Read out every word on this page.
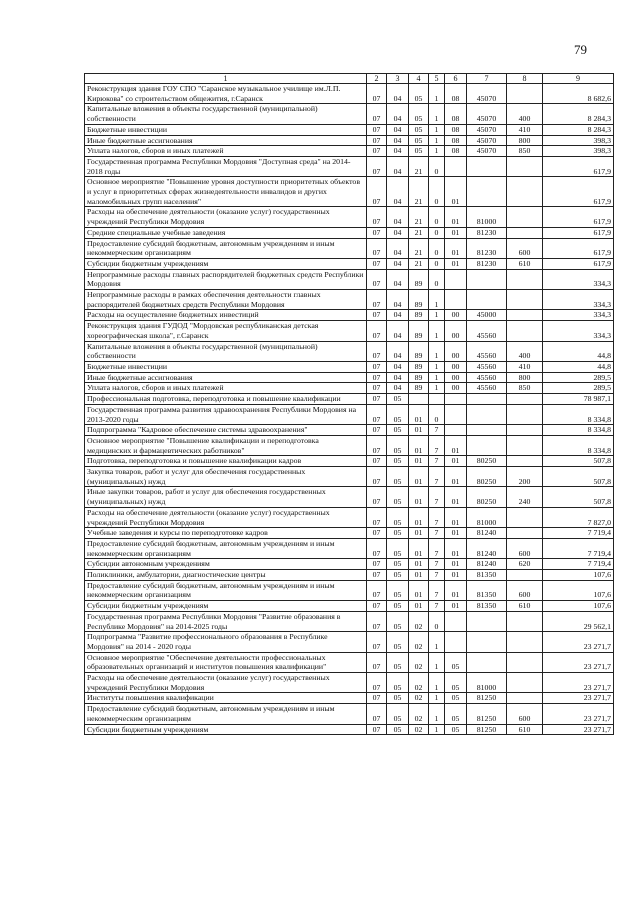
79
1	2	3	4	5	6	7	8	9
Реконструкция здания ГОУ СПО "Саранское музыкальное училище им.Л.П. Кирюкова" со строительством общежития, г.Саранск	07	04	05	1	08	45070		8 682,6
Капитальные вложения в объекты государственной (муниципальной) собственности	07	04	05	1	08	45070	400	8 284,3
Бюджетные инвестиции	07	04	05	1	08	45070	410	8 284,3
Иные бюджетные ассигнования	07	04	05	1	08	45070	800	398,3
Уплата налогов, сборов и иных платежей	07	04	05	1	08	45070	850	398,3
Государственная программа Республики Мордовия "Доступная среда" на 2014-2018 годы	07	04	21	0				617,9
Основное мероприятие "Повышение уровня доступности приоритетных объектов и услуг в приоритетных сферах жизнедеятельности инвалидов и других маломобильных групп населения"	07	04	21	0	01			617,9
Расходы на обеспечение деятельности (оказание услуг) государственных учреждений Республики Мордовия	07	04	21	0	01	81000		617,9
Средние специальные учебные заведения	07	04	21	0	01	81230		617,9
Предоставление субсидий бюджетным, автономным учреждениям и иным некоммерческим организациям	07	04	21	0	01	81230	600	617,9
Субсидии бюджетным учреждениям	07	04	21	0	01	81230	610	617,9
Непрограммные расходы главных распорядителей бюджетных средств Республики Мордовия	07	04	89	0				334,3
Непрограммные расходы в рамках обеспечения деятельности главных распорядителей бюджетных средств Республики Мордовия	07	04	89	1				334,3
Расходы на осуществление бюджетных инвестиций	07	04	89	1	00	45000		334,3
Реконструкция здания ГУДОД "Мордовская республиканская детская хореографическая школа", г.Саранск	07	04	89	1	00	45560		334,3
Капитальные вложения в объекты государственной (муниципальной) собственности	07	04	89	1	00	45560	400	44,8
Бюджетные инвестиции	07	04	89	1	00	45560	410	44,8
Иные бюджетные ассигнования	07	04	89	1	00	45560	800	289,5
Уплата налогов, сборов и иных платежей	07	04	89	1	00	45560	850	289,5
Профессиональная подготовка, переподготовка и повышение квалификации	07	05						78 987,1
Государственная программа развития здравоохранения Республики Мордовия на 2013-2020 годы	07	05	01	0				8 334,8
Подпрограмма "Кадровое обеспечение системы здравоохранения"	07	05	01	7				8 334,8
Основное мероприятие "Повышение квалификации и переподготовка медицинских и фармацевтических работников"	07	05	01	7	01			8 334,8
Подготовка, переподготовка и повышение квалификации кадров	07	05	01	7	01	80250		507,8
Закупка товаров, работ и услуг для обеспечения государственных (муниципальных) нужд	07	05	01	7	01	80250	200	507,8
Иные закупки товаров, работ и услуг для обеспечения государственных (муниципальных) нужд	07	05	01	7	01	80250	240	507,8
Расходы на обеспечение деятельности (оказание услуг) государственных учреждений Республики Мордовия	07	05	01	7	01	81000		7 827,0
Учебные заведения и курсы по переподготовке кадров	07	05	01	7	01	81240		7 719,4
Предоставление субсидий бюджетным, автономным учреждениям и иным некоммерческим организациям	07	05	01	7	01	81240	600	7 719,4
Субсидии автономным учреждениям	07	05	01	7	01	81240	620	7 719,4
Поликлиники, амбулатории, диагностические центры	07	05	01	7	01	81350		107,6
Предоставление субсидий бюджетным, автономным учреждениям и иным некоммерческим организациям	07	05	01	7	01	81350	600	107,6
Субсидии бюджетным учреждениям	07	05	01	7	01	81350	610	107,6
Государственная программа Республики Мордовия "Развитие образования в Республике Мордовия" на 2014-2025 годы	07	05	02	0				29 562,1
Подпрограмма "Развитие профессионального образования в Республике Мордовия" на 2014 - 2020 годы	07	05	02	1				23 271,7
Основное мероприятие "Обеспечение деятельности профессиональных образовательных организаций и институтов повышения квалификации"	07	05	02	1	05			23 271,7
Расходы на обеспечение деятельности (оказание услуг) государственных учреждений Республики Мордовия	07	05	02	1	05	81000		23 271,7
Институты повышения квалификации	07	05	02	1	05	81250		23 271,7
Предоставление субсидий бюджетным, автономным учреждениям и иным некоммерческим организациям	07	05	02	1	05	81250	600	23 271,7
Субсидии бюджетным учреждениям	07	05	02	1	05	81250	610	23 271,7
